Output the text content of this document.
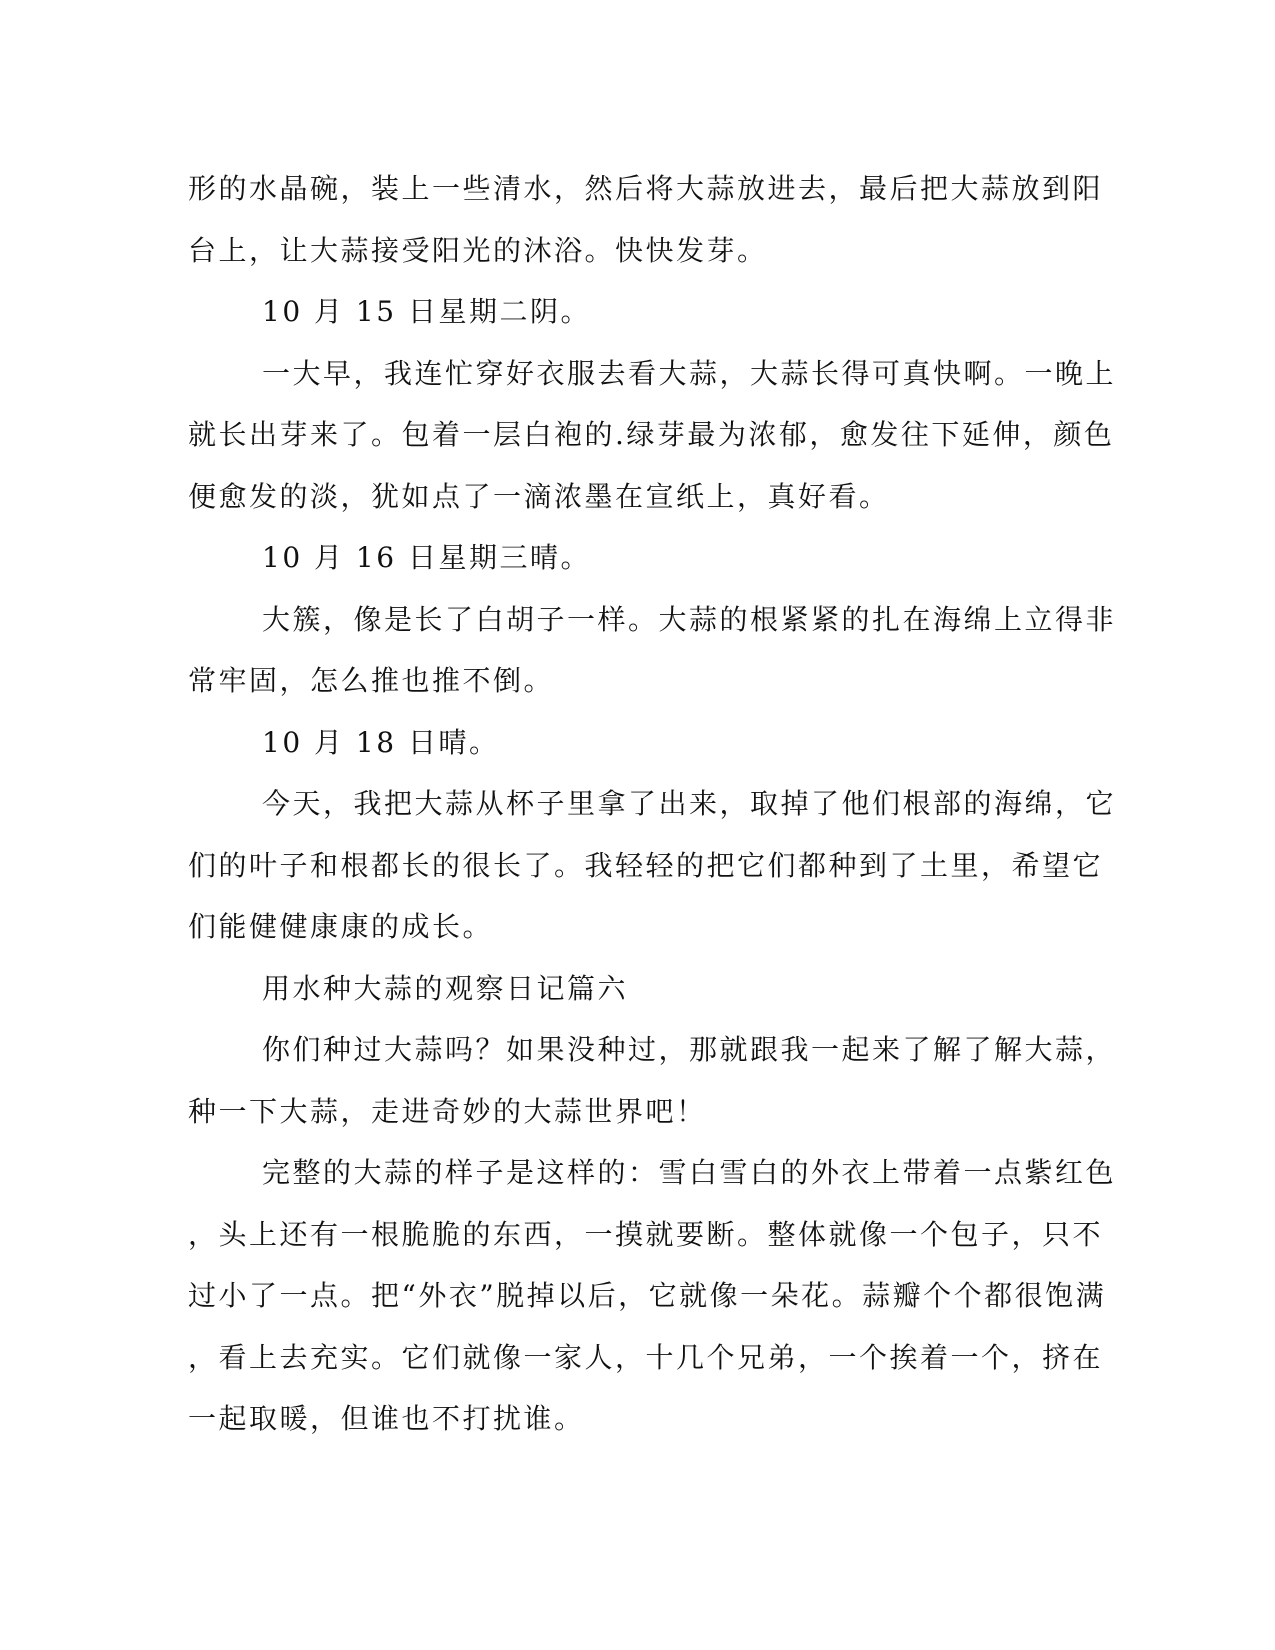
形的水晶碗，装上一些清水，然后将大蒜放进去，最后把大蒜放到阳
台上，让大蒜接受阳光的沐浴。快快发芽。
10 月 15 日星期二阴。
一大早，我连忙穿好衣服去看大蒜，大蒜长得可真快啊。一晚上
就长出芽来了。包着一层白袍的.绿芽最为浓郁，愈发往下延伸，颜色
便愈发的淡，犹如点了一滴浓墨在宣纸上，真好看。
10 月 16 日星期三晴。
大簇，像是长了白胡子一样。大蒜的根紧紧的扎在海绵上立得非
常牢固，怎么推也推不倒。
10 月 18 日晴。
今天，我把大蒜从杯子里拿了出来，取掉了他们根部的海绵，它
们的叶子和根都长的很长了。我轻轻的把它们都种到了土里，希望它
们能健健康康的成长。
用水种大蒜的观察日记篇六
你们种过大蒜吗？如果没种过，那就跟我一起来了解了解大蒜，
种一下大蒜，走进奇妙的大蒜世界吧！
完整的大蒜的样子是这样的：雪白雪白的外衣上带着一点紫红色
，头上还有一根脆脆的东西，一摸就要断。整体就像一个包子，只不
过小了一点。把“外衣”脱掉以后，它就像一朵花。蒜瓣个个都很饱满
，看上去充实。它们就像一家人，十几个兄弟，一个挨着一个，挤在
一起取暖，但谁也不打扰谁。
